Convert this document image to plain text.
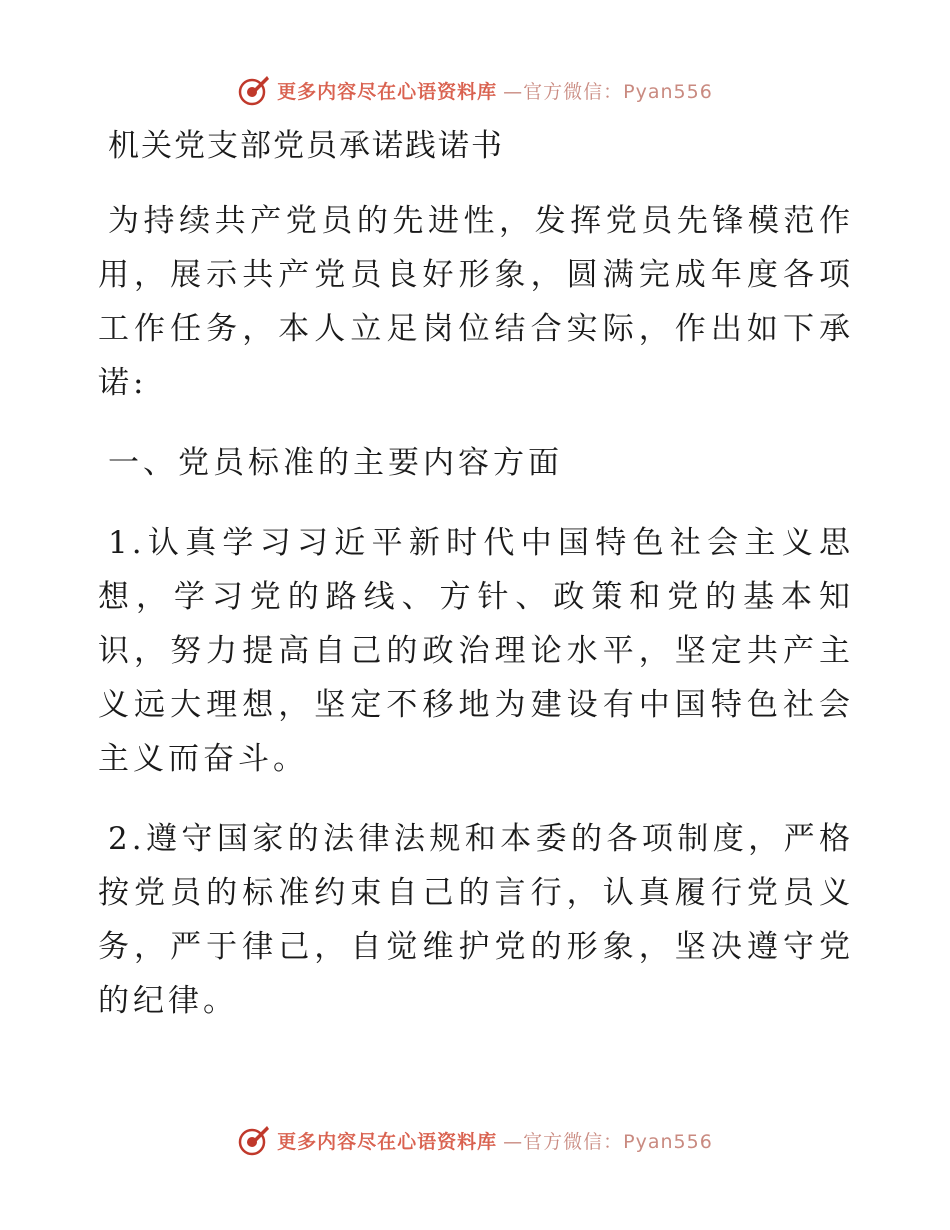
更多内容尽在心语资料库 —官方微信：Pyan556
机关党支部党员承诺践诺书

为持续共产党员的先进性，发挥党员先锋模范作用，展示共产党员良好形象，圆满完成年度各项工作任务，本人立足岗位结合实际，作出如下承诺:

一、党员标准的主要内容方面

1.认真学习习近平新时代中国特色社会主义思想，学习党的路线、方针、政策和党的基本知识，努力提高自己的政治理论水平，坚定共产主义远大理想，坚定不移地为建设有中国特色社会主义而奋斗。

2.遵守国家的法律法规和本委的各项制度，严格按党员的标准约束自己的言行，认真履行党员义务，严于律己，自觉维护党的形象，坚决遵守党的纪律。

更多内容尽在心语资料库 —官方微信：Pyan556
